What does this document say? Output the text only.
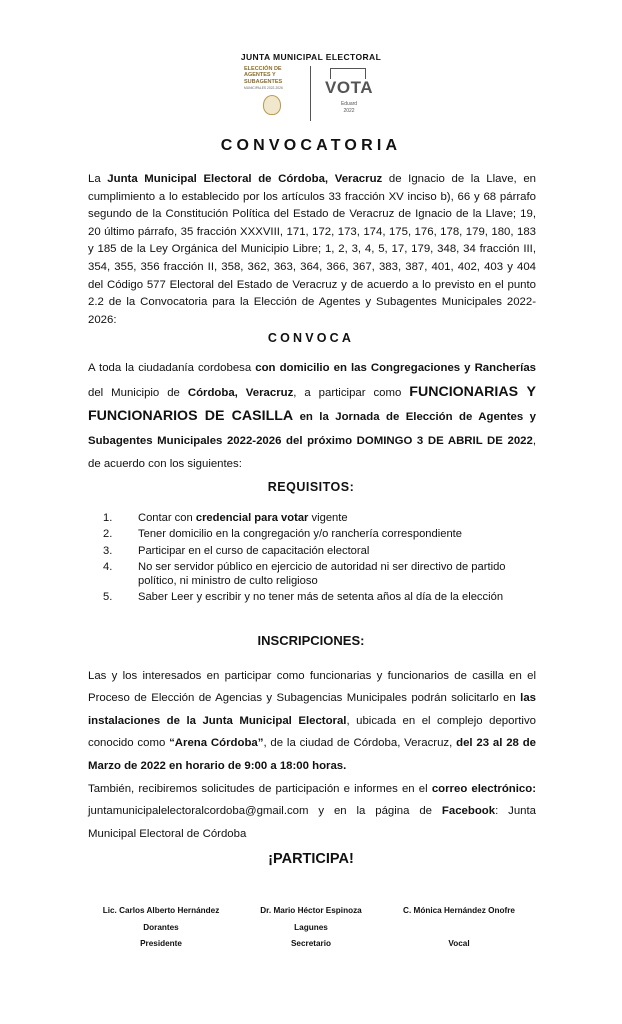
JUNTA MUNICIPAL ELECTORAL
ELECCIÓN DE
AGENTES Y
SUBAGENTES
MUNICIPALES 2022-2026	VOTA
Eduard
2022
CONVOCATORIA

La Junta Municipal Electoral de Córdoba, Veracruz de Ignacio de la Llave, en cumplimiento a lo establecido por los artículos 33 fracción XV inciso b), 66 y 68 párrafo segundo de la Constitución Política del Estado de Veracruz de Ignacio de la Llave; 19, 20 último párrafo, 35 fracción XXXVIII, 171, 172, 173, 174, 175, 176, 178, 179, 180, 183 y 185 de la Ley Orgánica del Municipio Libre; 1, 2, 3, 4, 5, 17, 179, 348, 34 fracción III, 354, 355, 356 fracción II, 358, 362, 363, 364, 366, 367, 383, 387, 401, 402, 403 y 404 del Código 577 Electoral del Estado de Veracruz y de acuerdo a lo previsto en el punto 2.2 de la Convocatoria para la Elección de Agentes y Subagentes Municipales 2022-2026:

CONVOCA

A toda la ciudadanía cordobesa con domicilio en las Congregaciones y Rancherías del Municipio de Córdoba, Veracruz, a participar como FUNCIONARIAS Y FUNCIONARIOS DE CASILLA en la Jornada de Elección de Agentes y Subagentes Municipales 2022-2026 del próximo DOMINGO 3 DE ABRIL DE 2022, de acuerdo con los siguientes:

REQUISITOS:
1. Contar con credencial para votar vigente
2. Tener domicilio en la congregación y/o ranchería correspondiente
3. Participar en el curso de capacitación electoral
4. No ser servidor público en ejercicio de autoridad ni ser directivo de partido político, ni ministro de culto religioso
5. Saber Leer y escribir y no tener más de setenta años al día de la elección
INSCRIPCIONES:

Las y los interesados en participar como funcionarias y funcionarios de casilla en el Proceso de Elección de Agencias y Subagencias Municipales podrán solicitarlo en las instalaciones de la Junta Municipal Electoral, ubicada en el complejo deportivo conocido como “Arena Córdoba”, de la ciudad de Córdoba, Veracruz, del 23 al 28 de Marzo de 2022 en horario de 9:00 a 18:00 horas.

También, recibiremos solicitudes de participación e informes en el correo electrónico: juntamunicipalelectoralcordoba@gmail.com y en la página de Facebook: Junta Municipal Electoral de Córdoba

¡PARTICIPA!
Lic. Carlos Alberto Hernández
Dorantes
Presidente
Dr. Mario Héctor Espinoza
Lagunes
Secretario
C. Mónica Hernández Onofre
Vocal
